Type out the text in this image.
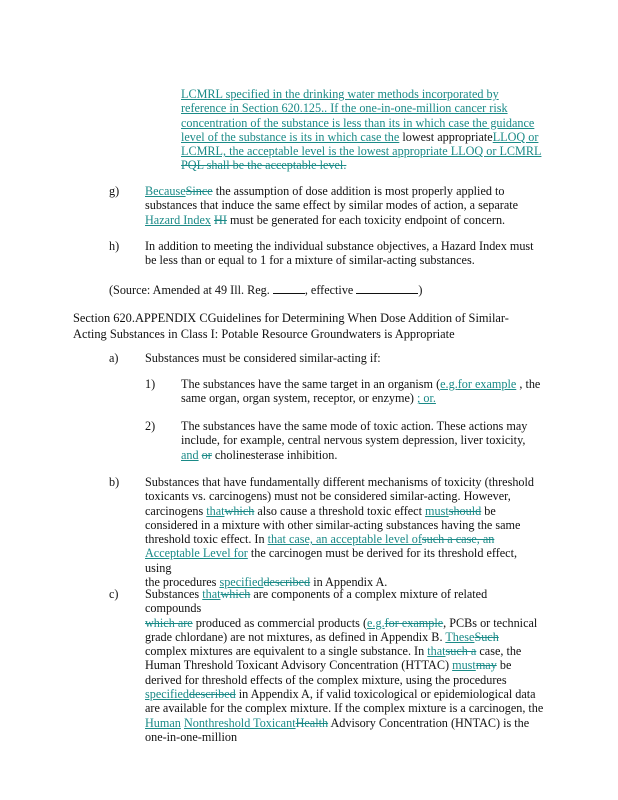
LCMRL specified in the drinking water methods incorporated by
reference in Section 620.125.. If the one-in-one-million cancer risk
concentration of the substance is less than its in which case the guidance
level of the substance is its in which case the lowest appropriateLLOQ or
LCMRL, the acceptable level is the lowest appropriate LLOQ or LCMRL
PQL shall be the acceptable level.
g) BecauseSince the assumption of dose addition is most properly applied to
substances that induce the same effect by similar modes of action, a separate
Hazard Index HI must be generated for each toxicity endpoint of concern.
h) In addition to meeting the individual substance objectives, a Hazard Index must
be less than or equal to 1 for a mixture of similar-acting substances.
(Source: Amended at 49 Ill. Reg.	, effective	)
Section 620.APPENDIX CGuidelines for Determining When Dose Addition of Similar-
Acting Substances in Class I: Potable Resource Groundwaters is Appropriate
a) Substances must be considered similar-acting if:
1) The substances have the same target in an organism (e.g.for example , the
same organ, organ system, receptor, or enzyme) ; or.
2) The substances have the same mode of toxic action. These actions may
include, for example, central nervous system depression, liver toxicity,
and or cholinesterase inhibition.
b) Substances that have fundamentally different mechanisms of toxicity (threshold
toxicants vs. carcinogens) must not be considered similar-acting. However,
carcinogens thatwhich also cause a threshold toxic effect mustshould be
considered in a mixture with other similar-acting substances having the same
threshold toxic effect. In that case, an acceptable level ofsuch a case, an
Acceptable Level for the carcinogen must be derived for its threshold effect, using
the procedures specifieddescribed in Appendix A.
c) Substances thatwhich are components of a complex mixture of related compounds
which are produced as commercial products (e.g.for example, PCBs or technical
grade chlordane) are not mixtures, as defined in Appendix B. TheseSuch
complex mixtures are equivalent to a single substance. In thatsuch a case, the
Human Threshold Toxicant Advisory Concentration (HTTAC) mustmay be
derived for threshold effects of the complex mixture, using the procedures
specifieddescribed in Appendix A, if valid toxicological or epidemiological data
are available for the complex mixture. If the complex mixture is a carcinogen, the
Human Nonthreshold ToxicantHealth Advisory Concentration (HNTAC) is the
one-in-one-million
